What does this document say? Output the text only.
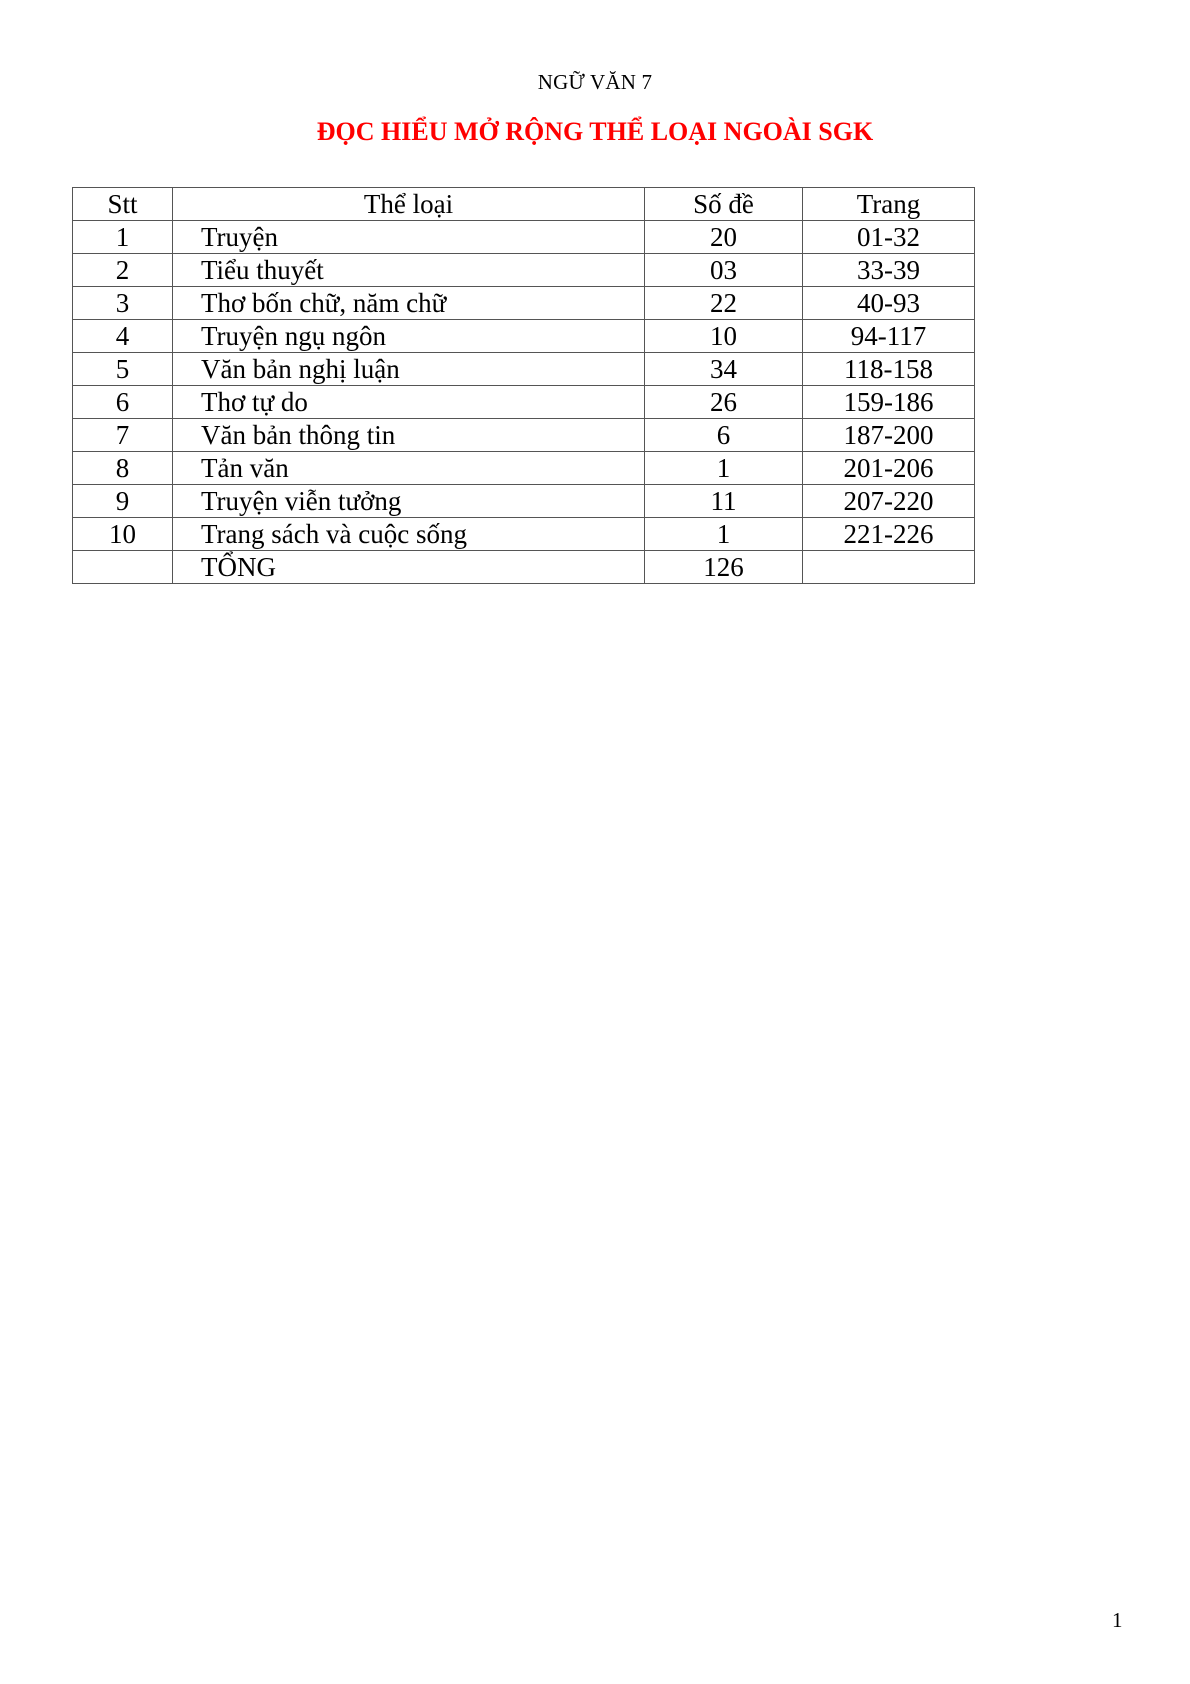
NGỮ VĂN 7
ĐỌC HIỂU MỞ RỘNG THỂ LOẠI NGOÀI SGK
Stt	Thể loại	Số đề	Trang
1	Truyện	20	01-32
2	Tiểu thuyết	03	33-39
3	Thơ bốn chữ, năm chữ	22	40-93
4	Truyện ngụ ngôn	10	94-117
5	Văn bản nghị luận	34	118-158
6	Thơ tự do	26	159-186
7	Văn bản thông tin	6	187-200
8	Tản văn	1	201-206
9	Truyện viễn tưởng	11	207-220
10	Trang sách và cuộc sống	1	221-226
	TỔNG	126	
1
